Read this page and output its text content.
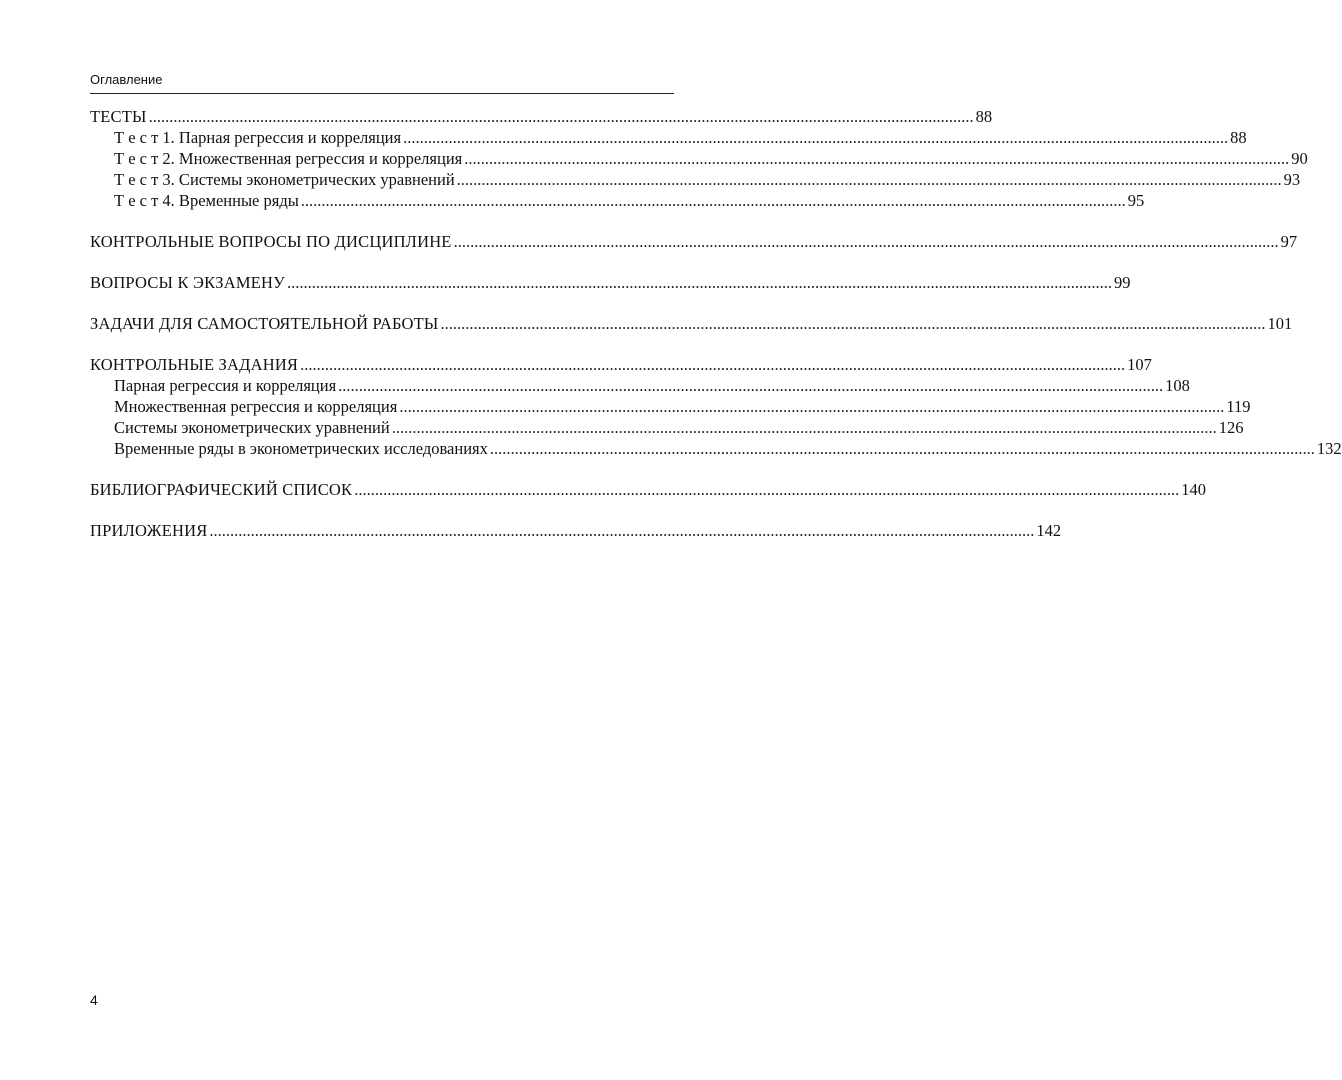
Оглавление
ТЕСТЫ ........................................................................................................................................................................................................ 88
Т е с т 1. Парная регрессия и корреляция ........................................................................................................................................................................................................ 88
Т е с т 2. Множественная регрессия и корреляция ........................................................................................................................................................................................................ 90
Т е с т 3. Системы эконометрических уравнений ........................................................................................................................................................................................................ 93
Т е с т 4. Временные ряды ........................................................................................................................................................................................................ 95
КОНТРОЛЬНЫЕ ВОПРОСЫ ПО ДИСЦИПЛИНЕ ........................................................................................................................................................................................................ 97
ВОПРОСЫ К ЭКЗАМЕНУ ........................................................................................................................................................................................................ 99
ЗАДАЧИ ДЛЯ САМОСТОЯТЕЛЬНОЙ РАБОТЫ ........................................................................................................................................................................................................ 101
КОНТРОЛЬНЫЕ ЗАДАНИЯ ........................................................................................................................................................................................................ 107
Парная регрессия и корреляция ........................................................................................................................................................................................................ 108
Множественная регрессия и корреляция ........................................................................................................................................................................................................ 119
Системы эконометрических уравнений ........................................................................................................................................................................................................ 126
Временные ряды в эконометрических исследованиях ........................................................................................................................................................................................................ 132
БИБЛИОГРАФИЧЕСКИЙ СПИСОК ........................................................................................................................................................................................................ 140
ПРИЛОЖЕНИЯ ........................................................................................................................................................................................................ 142
4
